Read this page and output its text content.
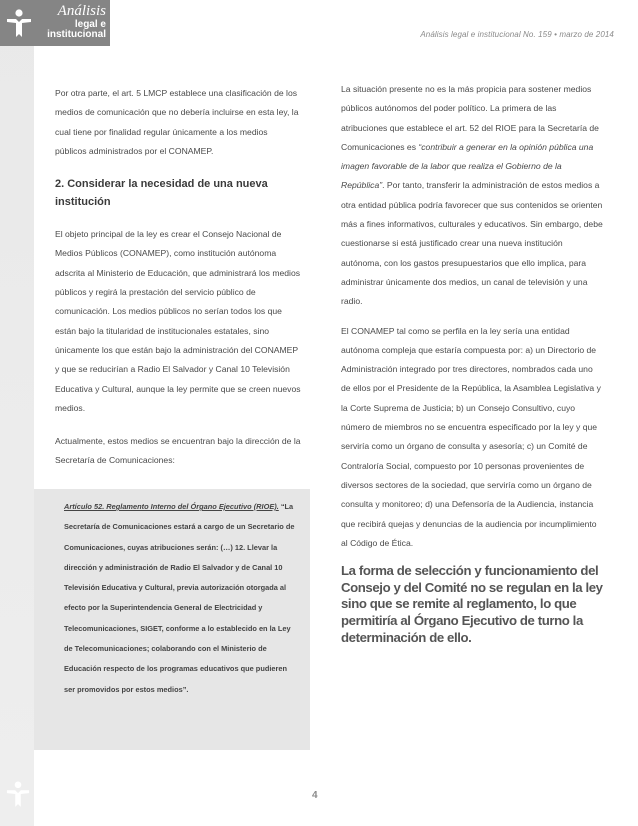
Análisis
legal e
institucional	Análisis legal e institucional No. 159 • marzo de 2014

Por otra parte, el art. 5 LMCP establece una clasificación de los medios de comunicación que no debería incluirse en esta ley, la cual tiene por finalidad regular únicamente a los medios públicos administrados por el CONAMEP.

2. Considerar la necesidad de una nueva institución

El objeto principal de la ley es crear el Consejo Nacional de Medios Públicos (CONAMEP), como institución autónoma adscrita al Ministerio de Educación, que administrará los medios públicos y regirá la prestación del servicio público de comunicación. Los medios públicos no serían todos los que están bajo la titularidad de institucionales estatales, sino únicamente los que están bajo la administración del CONAMEP y que se reducirían a Radio El Salvador y Canal 10 Televisión Educativa y Cultural, aunque la ley permite que se creen nuevos medios.

Actualmente, estos medios se encuentran bajo la dirección de la Secretaría de Comunicaciones:

Artículo 52. Reglamento Interno del Órgano Ejecutivo (RIOE). “La Secretaría de Comunicaciones estará a cargo de un Secretario de Comunicaciones, cuyas atribuciones serán: (…) 12. Llevar la dirección y administración de Radio El Salvador y de Canal 10 Televisión Educativa y Cultural, previa autorización otorgada al efecto por la Superintendencia General de Electricidad y Telecomunicaciones, SIGET, conforme a lo establecido en la Ley de Telecomunicaciones; colaborando con el Ministerio de Educación respecto de los programas educativos que pudieren ser promovidos por estos medios”.

La situación presente no es la más propicia para sostener medios públicos autónomos del poder político. La primera de las atribuciones que establece el art. 52 del RIOE para la Secretaría de Comunicaciones es “contribuir a generar en la opinión pública una imagen favorable de la labor que realiza el Gobierno de la República”. Por tanto, transferir la administración de estos medios a otra entidad pública podría favorecer que sus contenidos se orienten más a fines informativos, culturales y educativos. Sin embargo, debe cuestionarse si está justificado crear una nueva institución autónoma, con los gastos presupuestarios que ello implica, para administrar únicamente dos medios, un canal de televisión y una radio.

El CONAMEP tal como se perfila en la ley sería una entidad autónoma compleja que estaría compuesta por: a) un Directorio de Administración integrado por tres directores, nombrados cada uno de ellos por el Presidente de la República, la Asamblea Legislativa y la Corte Suprema de Justicia; b) un Consejo Consultivo, cuyo número de miembros no se encuentra especificado por la ley y que serviría como un órgano de consulta y asesoría; c) un Comité de Contraloría Social, compuesto por 10 personas provenientes de diversos sectores de la sociedad, que serviría como un órgano de consulta y monitoreo; d) una Defensoría de la Audiencia, instancia que recibirá quejas y denuncias de la audiencia por incumplimiento al Código de Ética.

La forma de selección y funcionamiento del Consejo y del Comité no se regulan en la ley sino que se remite al reglamento, lo que permitiría al Órgano Ejecutivo de turno la determinación de ello.

4
